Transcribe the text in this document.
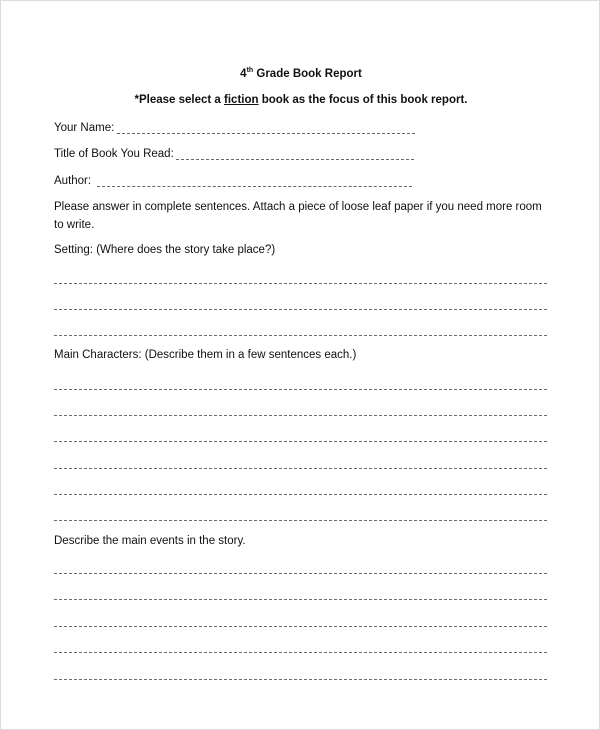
4th Grade Book Report
*Please select a fiction book as the focus of this book report.
Your Name:
Title of Book You Read:
Author:
Please answer in complete sentences. Attach a piece of loose leaf paper if you need more room
to write.
Setting: (Where does the story take place?)
Main Characters: (Describe them in a few sentences each.)
Describe the main events in the story.
